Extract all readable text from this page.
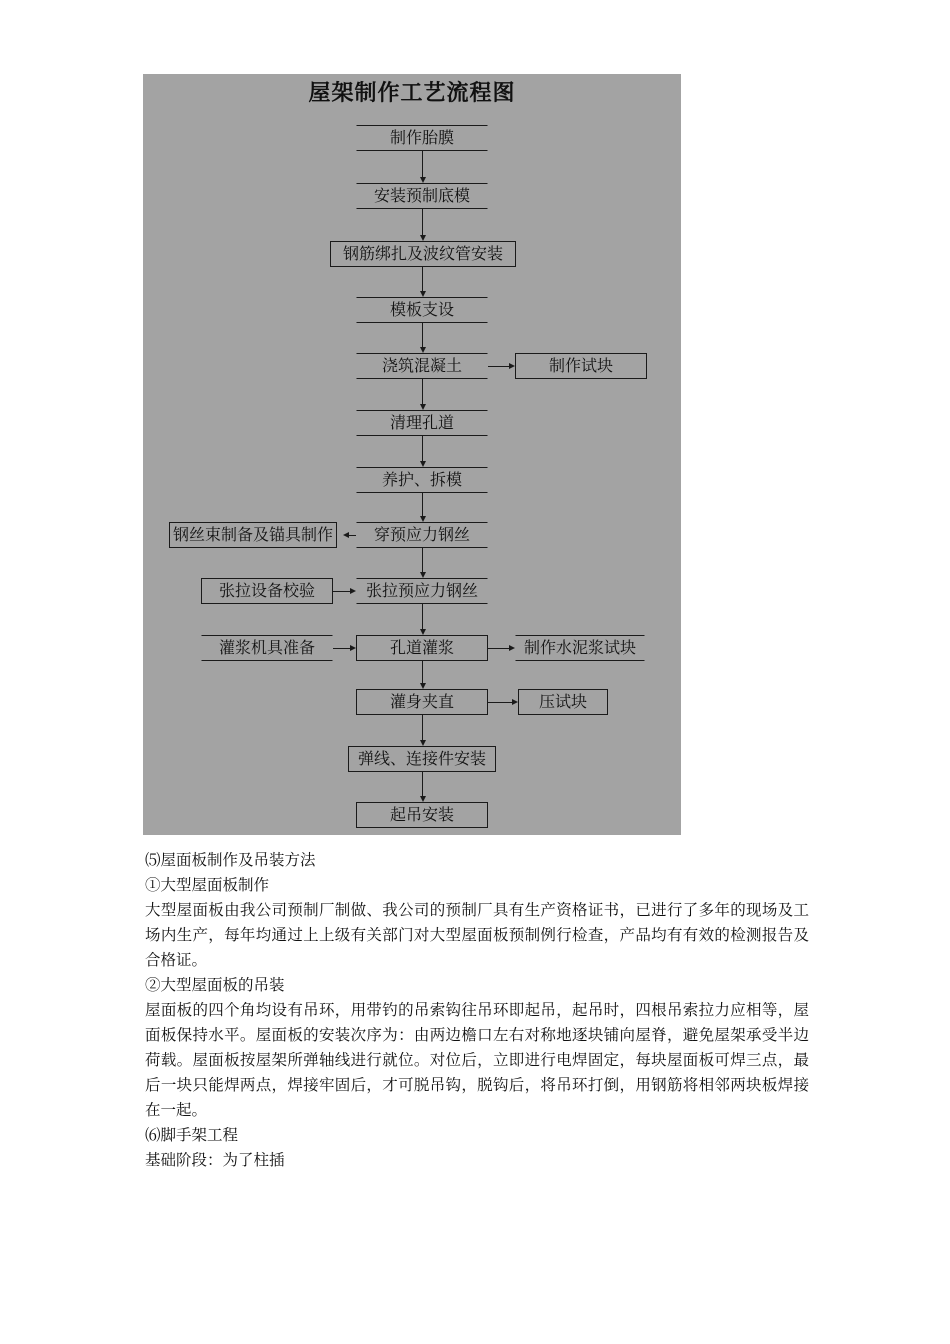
屋架制作工艺流程图
制作胎膜
安装预制底模
钢筋绑扎及波纹管安装
模板支设
浇筑混凝土
清理孔道
养护、拆模
穿预应力钢丝
张拉预应力钢丝
孔道灌浆
灌身夹直
弹线、连接件安装
起吊安装
制作试块
制作水泥浆试块
压试块
钢丝束制备及锚具制作
张拉设备校验
灌浆机具准备

⑸屋面板制作及吊装方法

①大型屋面板制作

大型屋面板由我公司预制厂制做、我公司的预制厂具有生产资格证书，已进行了多年的现场及工场内生产，每年均通过上上级有关部门对大型屋面板预制例行检查，产品均有有效的检测报告及合格证。

②大型屋面板的吊装

屋面板的四个角均设有吊环，用带钓的吊索钩往吊环即起吊，起吊时，四根吊索拉力应相等，屋面板保持水平。屋面板的安装次序为：由两边檐口左右对称地逐块铺向屋脊，避免屋架承受半边荷载。屋面板按屋架所弹轴线进行就位。对位后，立即进行电焊固定，每块屋面板可焊三点，最后一块只能焊两点，焊接牢固后，才可脱吊钩，脱钩后，将吊环打倒，用钢筋将相邻两块板焊接在一起。

⑹脚手架工程

基础阶段：为了柱插
